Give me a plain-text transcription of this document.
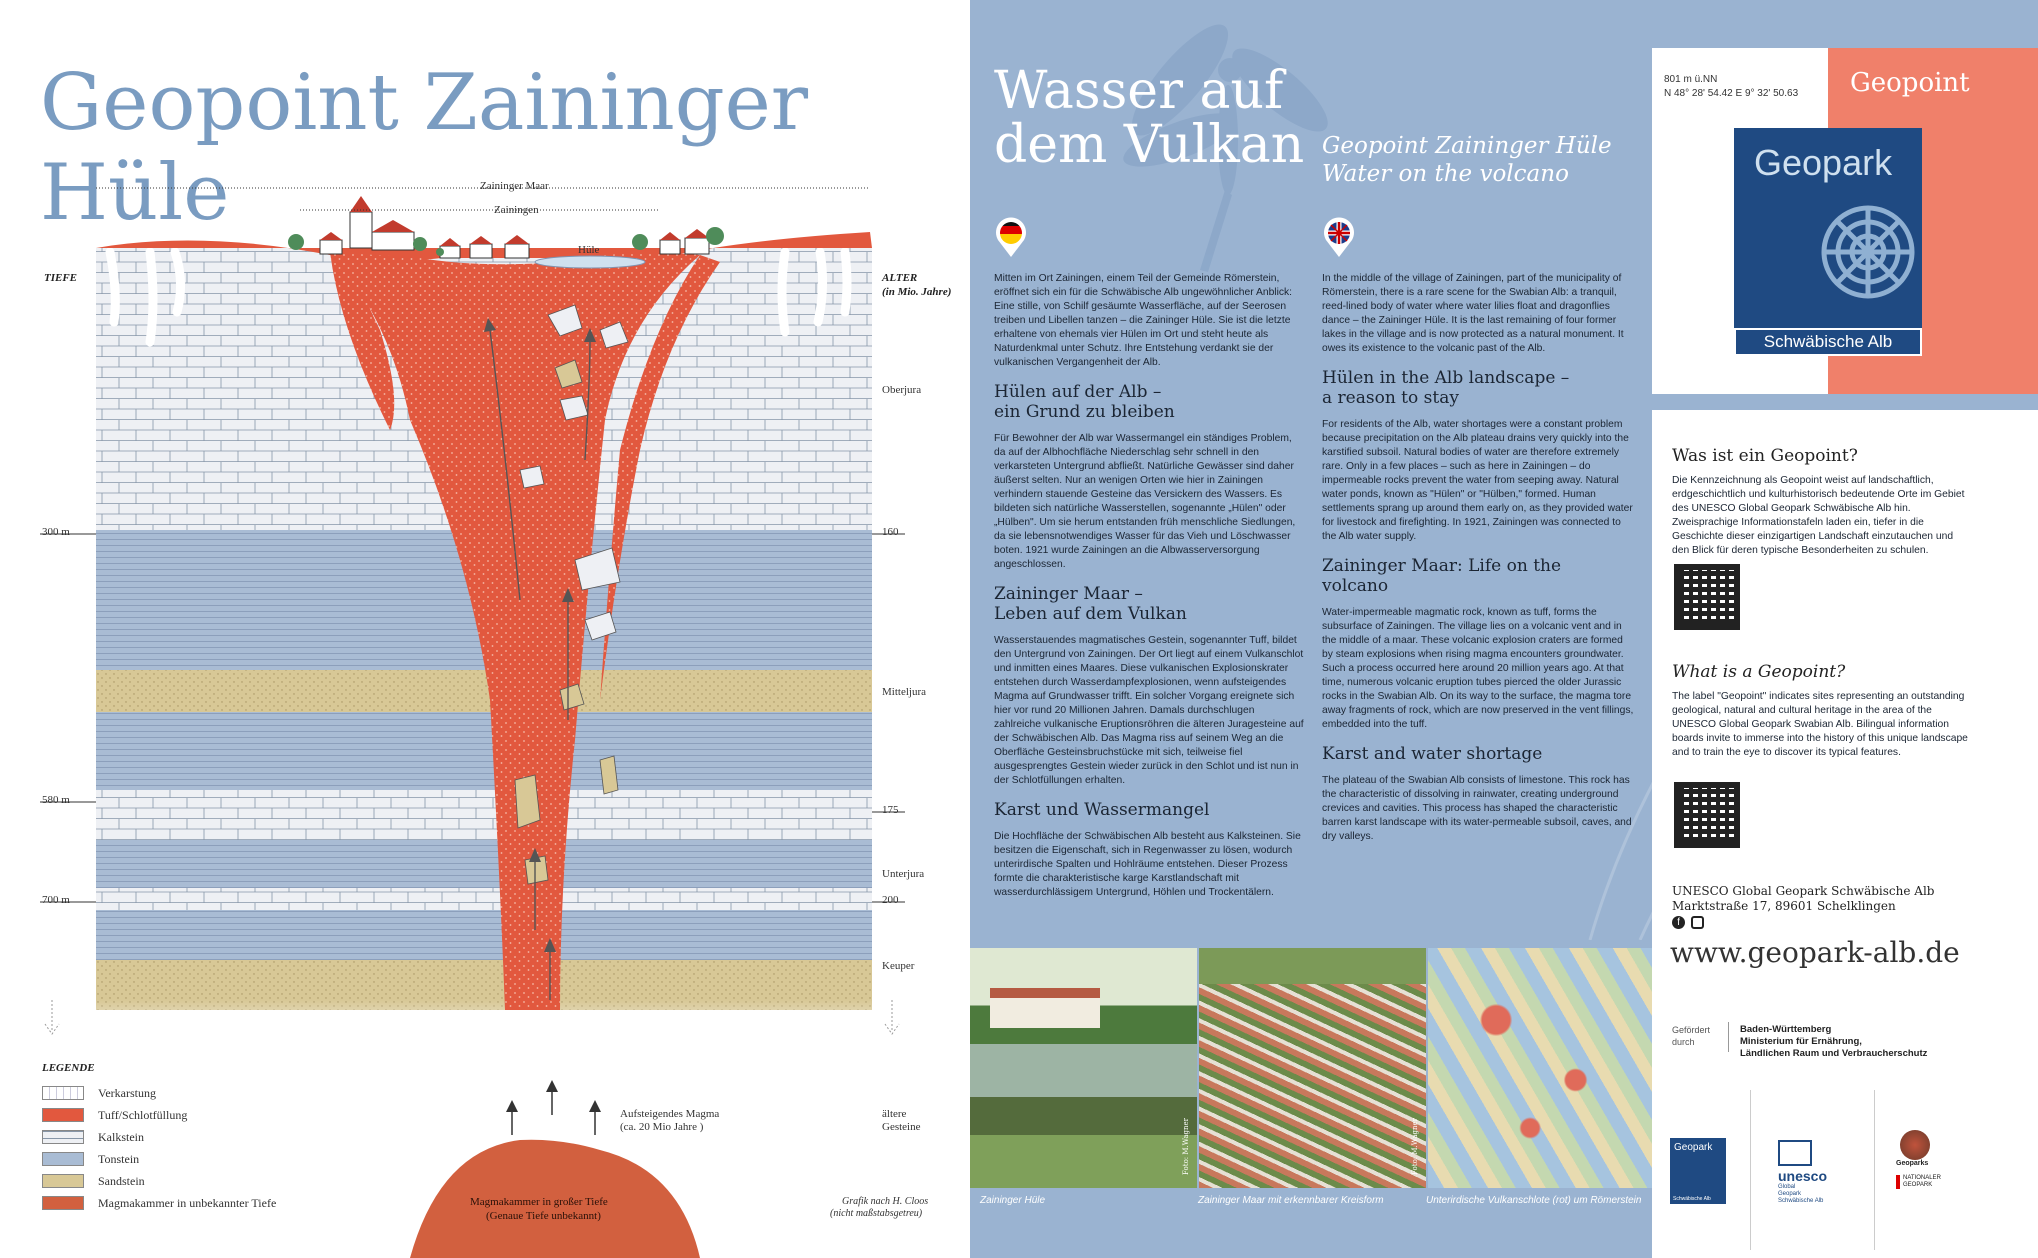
Geopoint Zaininger Hüle	Zaininger Maar
Zainingen
Hüle
TIEFE	ALTER
(in Mio. Jahre)
300 m
580 m
700 m
160
175
200
Oberjura
Mitteljura
Unterjura
Keuper
ältere
Gesteine
Aufsteigendes Magma
(ca. 20 Mio Jahre )
Magmakammer in großer Tiefe
(Genaue Tiefe unbekannt)
Grafik nach H. Cloos
(nicht maßstabsgetreu)
LEGENDE
Verkarstung
Tuff/Schlotfüllung
Kalkstein
Tonstein
Sandstein
Magmakammer in unbekannter Tiefe
Wasser auf
dem Vulkan Geopoint Zaininger Hüle
Water on the volcano
Mitten im Ort Zainingen, einem Teil der Gemeinde Römerstein, eröffnet sich ein für die Schwäbische Alb ungewöhnlicher Anblick: Eine stille, von Schilf gesäumte Wasserfläche, auf der Seerosen treiben und Libellen tanzen – die Zaininger Hüle. Sie ist die letzte erhaltene von ehemals vier Hülen im Ort und steht heute als Naturdenkmal unter Schutz. Ihre Entstehung verdankt sie der vulkanischen Vergangenheit der Alb.
Hülen auf der Alb –
ein Grund zu bleiben
Für Bewohner der Alb war Wassermangel ein ständiges Problem, da auf der Albhochfläche Niederschlag sehr schnell in den verkarsteten Untergrund abfließt. Natürliche Gewässer sind daher äußerst selten. Nur an wenigen Orten wie hier in Zainingen verhindern stauende Gesteine das Versickern des Wassers. Es bildeten sich natürliche Wasserstellen, sogenannte „Hülen" oder „Hülben". Um sie herum entstanden früh menschliche Siedlungen, da sie lebensnotwendiges Wasser für das Vieh und Löschwasser boten. 1921 wurde Zainingen an die Albwasserversorgung angeschlossen.
Zaininger Maar –
Leben auf dem Vulkan
Wasserstauendes magmatisches Gestein, sogenannter Tuff, bildet den Untergrund von Zainingen. Der Ort liegt auf einem Vulkanschlot und inmitten eines Maares. Diese vulkanischen Explosionskrater entstehen durch Wasserdampfexplosionen, wenn aufsteigendes Magma auf Grundwasser trifft. Ein solcher Vorgang ereignete sich hier vor rund 20 Millionen Jahren. Damals durchschlugen zahlreiche vulkanische Eruptionsröhren die älteren Juragesteine auf der Schwäbischen Alb. Das Magma riss auf seinem Weg an die Oberfläche Gesteinsbruchstücke mit sich, teilweise fiel ausgesprengtes Gestein wieder zurück in den Schlot und ist nun in der Schlotfüllungen erhalten.
Karst und Wassermangel
Die Hochfläche der Schwäbischen Alb besteht aus Kalksteinen. Sie besitzen die Eigenschaft, sich in Regenwasser zu lösen, wodurch unterirdische Spalten und Hohlräume entstehen. Dieser Prozess formte die charakteristische karge Karstlandschaft mit wasserdurchlässigem Untergrund, Höhlen und Trockentälern.
In the middle of the village of Zainingen, part of the municipality of Römerstein, there is a rare scene for the Swabian Alb: a tranquil, reed-lined body of water where water lilies float and dragonflies dance – the Zaininger Hüle. It is the last remaining of four former lakes in the village and is now protected as a natural monument. It owes its existence to the volcanic past of the Alb.
Hülen in the Alb landscape –
a reason to stay
For residents of the Alb, water shortages were a constant problem because precipitation on the Alb plateau drains very quickly into the karstified subsoil. Natural bodies of water are therefore extremely rare. Only in a few places – such as here in Zainingen – do impermeable rocks prevent the water from seeping away. Natural water ponds, known as "Hülen" or "Hülben," formed. Human settlements sprang up around them early on, as they provided water for livestock and firefighting. In 1921, Zainingen was connected to the Alb water supply.
Zaininger Maar: Life on the
volcano
Water-impermeable magmatic rock, known as tuff, forms the subsurface of Zainingen. The village lies on a volcanic vent and in the middle of a maar. These volcanic explosion craters are formed by steam explosions when rising magma encounters groundwater. Such a process occurred here around 20 million years ago. At that time, numerous volcanic eruption tubes pierced the older Jurassic rocks in the Swabian Alb. On its way to the surface, the magma tore away fragments of rock, which are now preserved in the vent fillings, embedded into the tuff.
Karst and water shortage
The plateau of the Swabian Alb consists of limestone. This rock has the characteristic of dissolving in rainwater, creating underground crevices and cavities. This process has shaped the characteristic barren karst landscape with its water-permeable subsoil, caves, and dry valleys.
Foto: M.Wagner	Foto: M.Wagner
Zaininger Hüle	Zaininger Maar mit erkennbarer Kreisform	Unterirdische Vulkanschlote (rot) um Römerstein
801 m ü.NN
N 48° 28' 54.42 E 9° 32' 50.63 Geopoint
Geopark
Schwäbische Alb
Was ist ein Geopoint?
Die Kennzeichnung als Geopoint weist auf landschaftlich, erdgeschichtlich und kulturhistorisch bedeutende Orte im Gebiet des UNESCO Global Geopark Schwäbische Alb hin. Zweisprachige Informationstafeln laden ein, tiefer in die Geschichte dieser einzigartigen Landschaft einzutauchen und den Blick für deren typische Besonderheiten zu schulen.
What is a Geopoint?
The label "Geopoint" indicates sites representing an outstanding geological, natural and cultural heritage in the area of the UNESCO Global Geopark Swabian Alb. Bilingual information boards invite to immerse into the history of this unique landscape and to train the eye to discover its typical features.
UNESCO Global Geopark Schwäbische Alb
Marktstraße 17, 89601 Schelklingen
f
www.geopark-alb.de
Gefördert
durch
Baden-Württemberg
Ministerium für Ernährung,
Ländlichen Raum und Verbraucherschutz
Geopark
Schwäbische Alb
unesco
Global
Geopark
Schwäbische Alb
Geoparks
NATIONALER
GEOPARK
